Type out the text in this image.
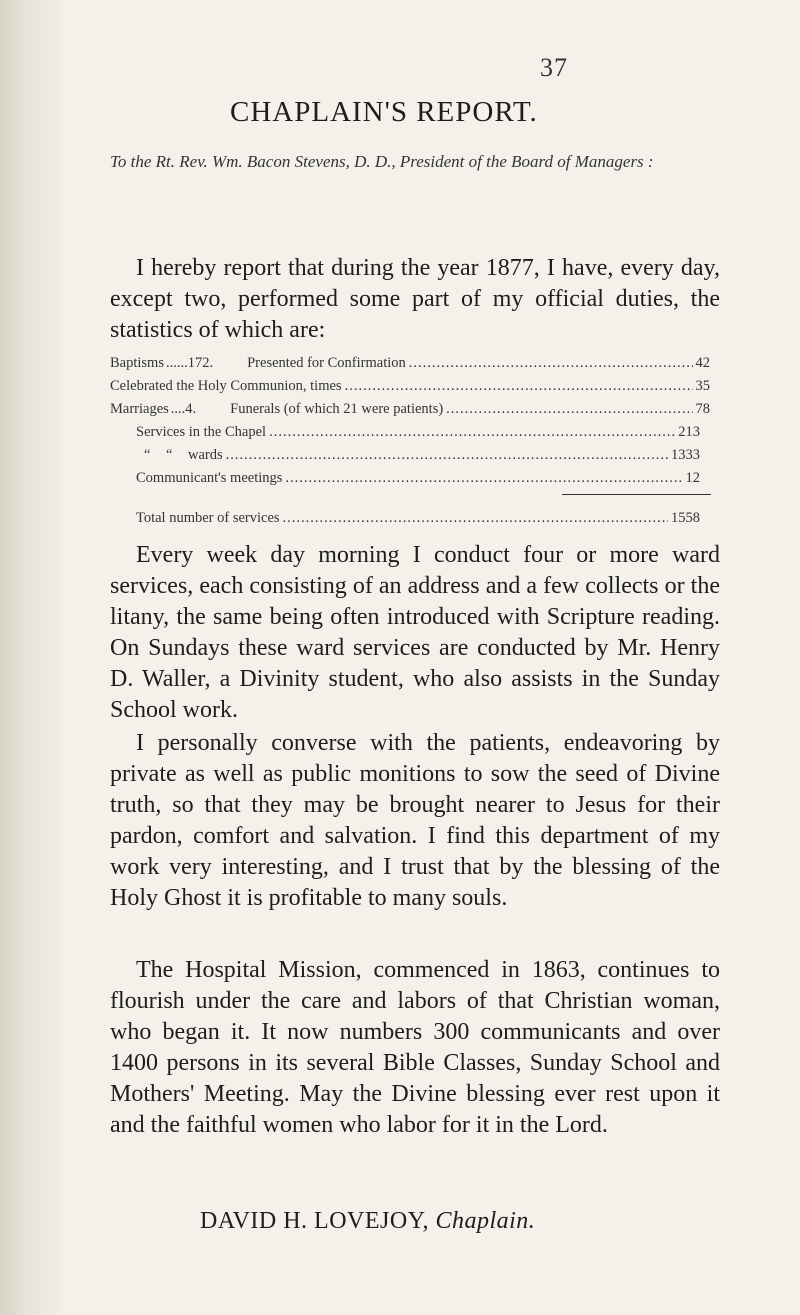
37
CHAPLAIN'S REPORT.
To the Rt. Rev. Wm. Bacon Stevens, D. D., President of the Board of Managers :
I hereby report that during the year 1877, I have, every day, except two, performed some part of my official duties, the statistics of which are:
Baptisms ...... 172. Presented for Confirmation .....	42
Celebrated the Holy Communion, times .....	35
Marriages .... 4. Funerals (of which 21 were patients) .....	78
Services in the Chapel .....	213
“	“	wards .....	1333
Communicant's meetings .....	12
Total number of services .....	1558
Every week day morning I conduct four or more ward services, each consisting of an address and a few collects or the litany, the same being often introduced with Scripture reading. On Sundays these ward services are conducted by Mr. Henry D. Waller, a Divinity student, who also assists in the Sunday School work.
I personally converse with the patients, endeavoring by private as well as public monitions to sow the seed of Divine truth, so that they may be brought nearer to Jesus for their pardon, comfort and salvation. I find this department of my work very interesting, and I trust that by the blessing of the Holy Ghost it is profitable to many souls.
The Hospital Mission, commenced in 1863, continues to flourish under the care and labors of that Christian woman, who began it. It now numbers 300 communicants and over 1400 persons in its several Bible Classes, Sunday School and Mothers' Meeting. May the Divine blessing ever rest upon it and the faithful women who labor for it in the Lord.
DAVID H. LOVEJOY, Chaplain.
